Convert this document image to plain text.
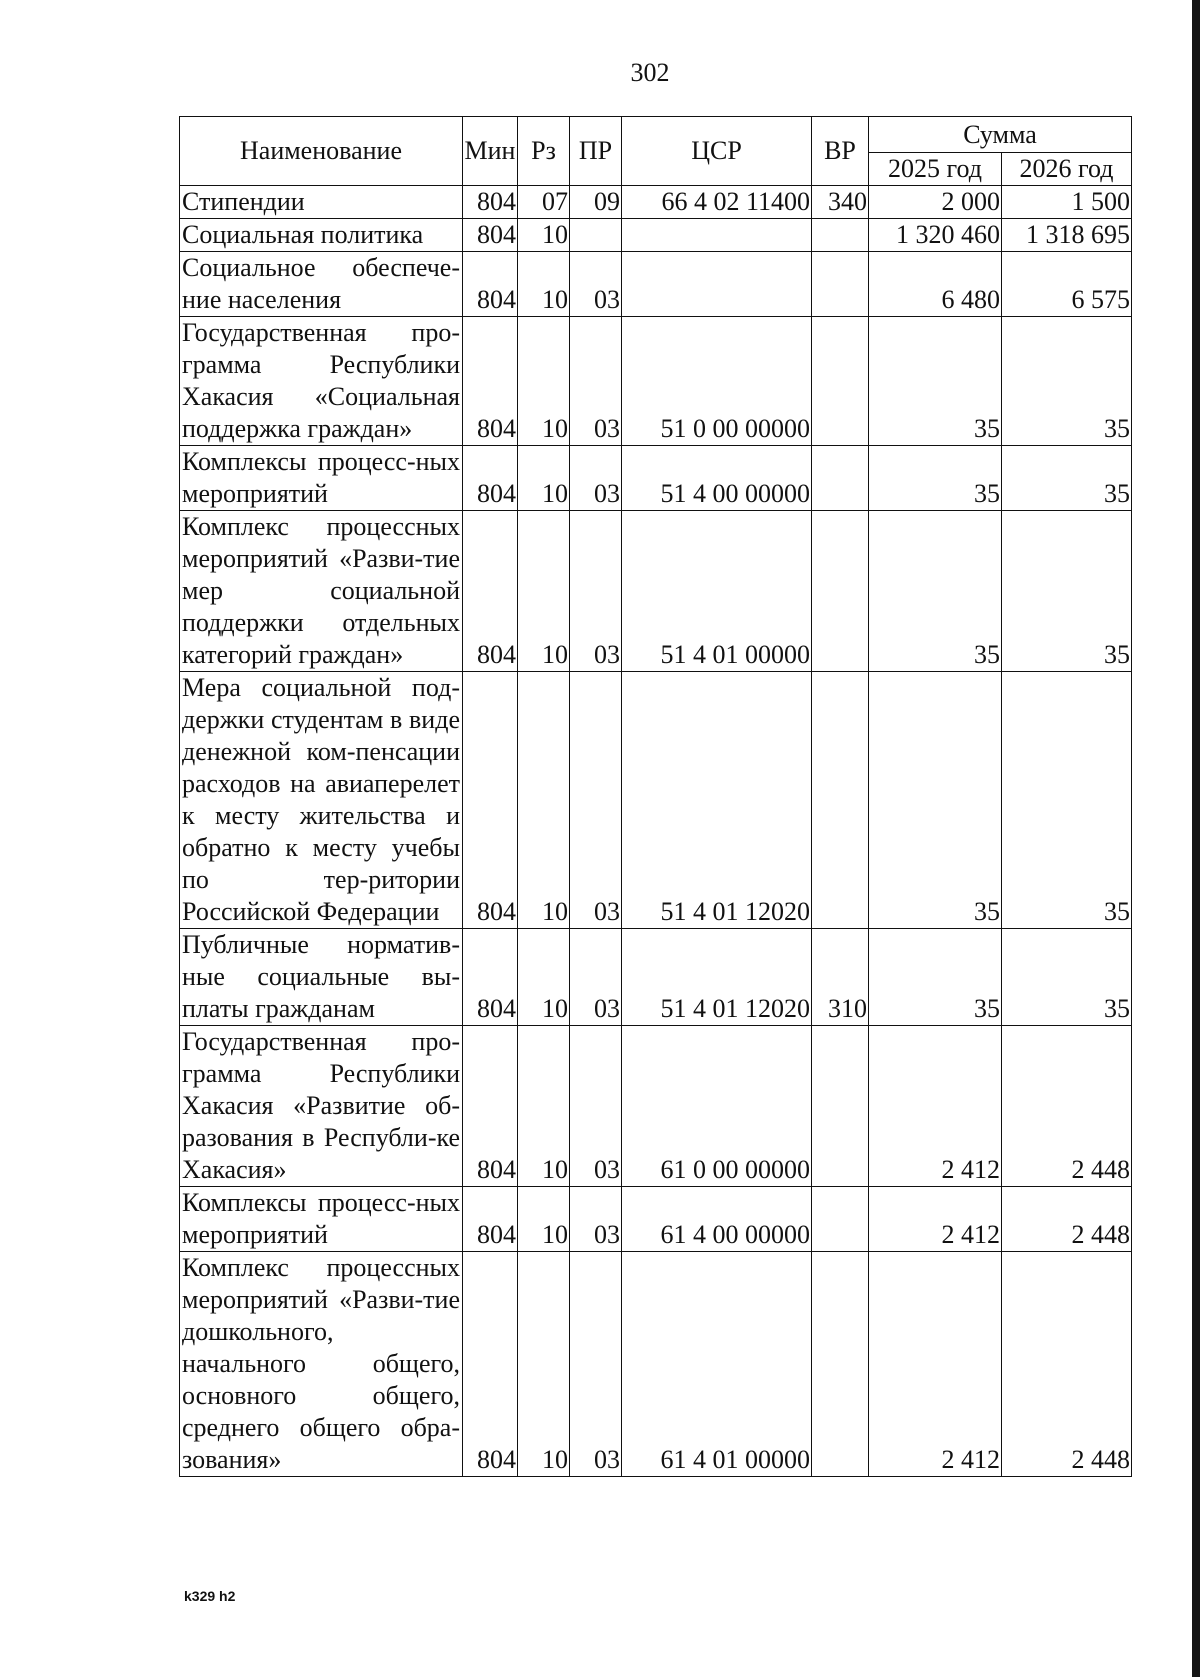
302
Наименование	Мин	Рз	ПР	ЦСР	ВР	Сумма	
						2025 год	2026 год
Стипендии	804	07	09	66 4 02 11400	340	2 000	1 500
Социальная политика	804	10				1 320 460	1 318 695
Социальное обеспече-ние населения	804	10	03			6 480	6 575
Государственная про-грамма Республики Хакасия «Социальная поддержка граждан»	804	10	03	51 0 00 00000		35	35
Комплексы процесс-ных мероприятий	804	10	03	51 4 00 00000		35	35
Комплекс процессных мероприятий «Разви-тие мер социальной поддержки отдельных категорий граждан»	804	10	03	51 4 01 00000		35	35
Мера социальной под-держки студентам в виде денежной ком-пенсации расходов на авиаперелет к месту жительства и обратно к месту учебы по тер-ритории Российской Федерации	804	10	03	51 4 01 12020		35	35
Публичные норматив-ные социальные вы-платы гражданам	804	10	03	51 4 01 12020	310	35	35
Государственная про-грамма Республики Хакасия «Развитие об-разования в Республи-ке Хакасия»	804	10	03	61 0 00 00000		2 412	2 448
Комплексы процесс-ных мероприятий	804	10	03	61 4 00 00000		2 412	2 448
Комплекс процессных мероприятий «Разви-тие дошкольного, начального общего, основного общего, среднего общего обра-зования»	804	10	03	61 4 01 00000		2 412	2 448
k329 h2
